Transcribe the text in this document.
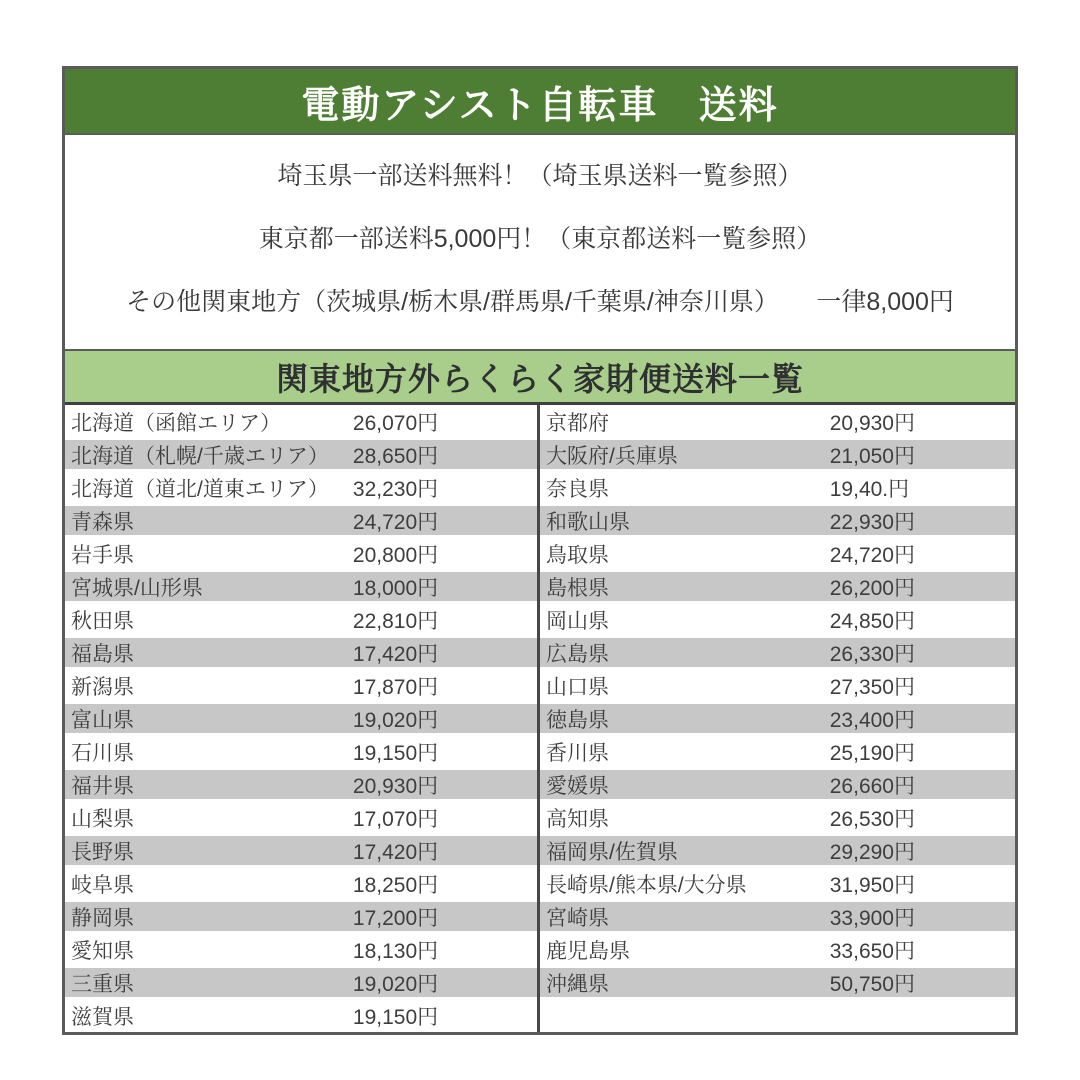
電動アシスト自転車　送料

埼玉県一部送料無料！（埼玉県送料一覧参照）

東京都一部送料5,000円！（東京都送料一覧参照）

その他関東地方（茨城県/栃木県/群馬県/千葉県/神奈川県）　　一律8,000円

関東地方外らくらく家財便送料一覧
北海道（函館エリア）	26,070円
北海道（札幌/千歳エリア）	28,650円
北海道（道北/道東エリア）	32,230円
青森県	24,720円
岩手県	20,800円
宮城県/山形県	18,000円
秋田県	22,810円
福島県	17,420円
新潟県	17,870円
富山県	19,020円
石川県	19,150円
福井県	20,930円
山梨県	17,070円
長野県	17,420円
岐阜県	18,250円
静岡県	17,200円
愛知県	18,130円
三重県	19,020円
滋賀県	19,150円
京都府	20,930円
大阪府/兵庫県	21,050円
奈良県	19,40.円
和歌山県	22,930円
鳥取県	24,720円
島根県	26,200円
岡山県	24,850円
広島県	26,330円
山口県	27,350円
徳島県	23,400円
香川県	25,190円
愛媛県	26,660円
高知県	26,530円
福岡県/佐賀県	29,290円
長崎県/熊本県/大分県	31,950円
宮崎県	33,900円
鹿児島県	33,650円
沖縄県	50,750円
